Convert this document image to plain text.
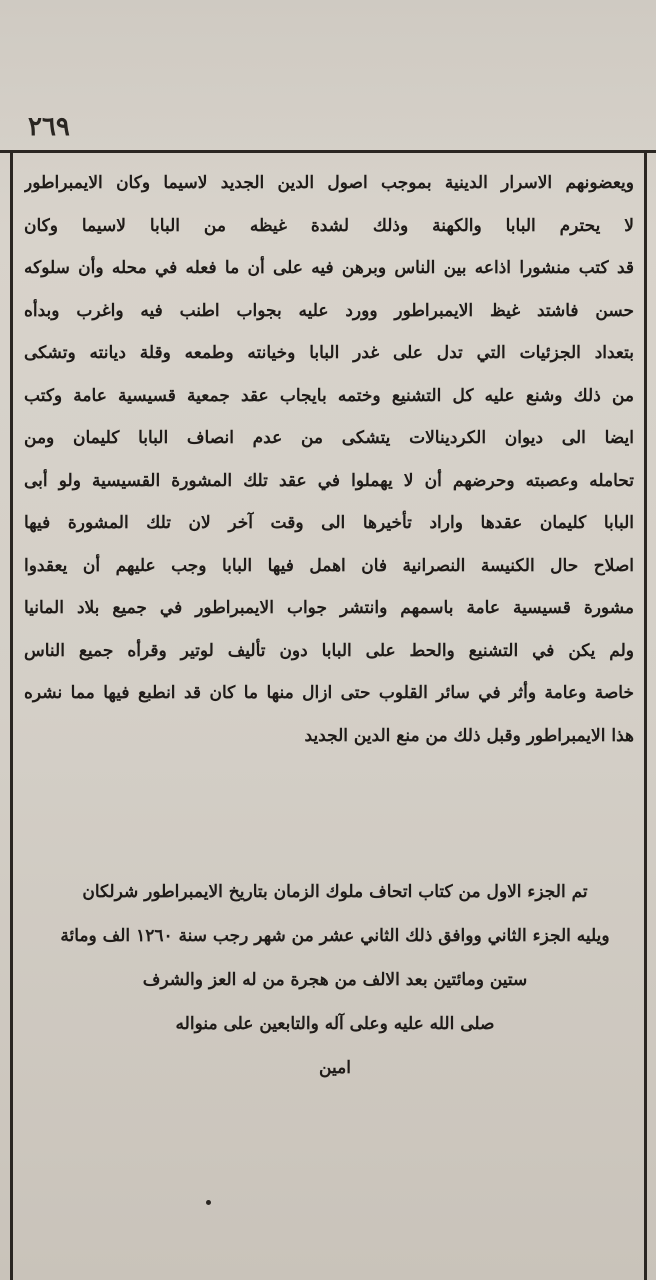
٢٦٩
ويعضونهم الاسرار الدينية بموجب اصول الدين الجديد لاسيما وكان الايمبراطور
لا يحترم البابا والكهنة وذلك لشدة غيظه من البابا لاسيما وكان
قد كتب منشورا اذاعه بين الناس وبرهن فيه على أن ما فعله في محله وأن سلوكه
حسن فاشتد غيظ الايمبراطور وورد عليه بجواب اطنب فيه واغرب وبدأه
بتعداد الجزئيات التي تدل على غدر البابا وخيانته وطمعه وقلة ديانته وتشكى
من ذلك وشنع عليه كل التشنيع وختمه بايجاب عقد جمعية قسيسية عامة وكتب
ايضا الى ديوان الكردينالات يتشكى من عدم انصاف البابا كليمان ومن
تحامله وعصبته وحرضهم أن لا يهملوا في عقد تلك المشورة القسيسية ولو أبى
البابا كليمان عقدها واراد تأخيرها الى وقت آخر لان تلك المشورة فيها
اصلاح حال الكنيسة النصرانية فان اهمل فيها البابا وجب عليهم أن يعقدوا
مشورة قسيسية عامة باسمهم وانتشر جواب الايمبراطور في جميع بلاد المانيا
ولم يكن في التشنيع والحط على البابا دون تأليف لوتير وقرأه جميع الناس
خاصة وعامة وأثر في سائر القلوب حتى ازال منها ما كان قد انطبع فيها مما نشره
هذا الايمبراطور وقبل ذلك من منع الدين الجديد
تم الجزء الاول من كتاب اتحاف ملوك الزمان بتاريخ الايمبراطور شرلكان
ويليه الجزء الثاني ووافق ذلك الثاني عشر من شهر رجب سنة ١٢٦٠ الف ومائة
ستين ومائتين بعد الالف من هجرة من له العز والشرف
صلى الله عليه وعلى آله والتابعين على منواله
امين
